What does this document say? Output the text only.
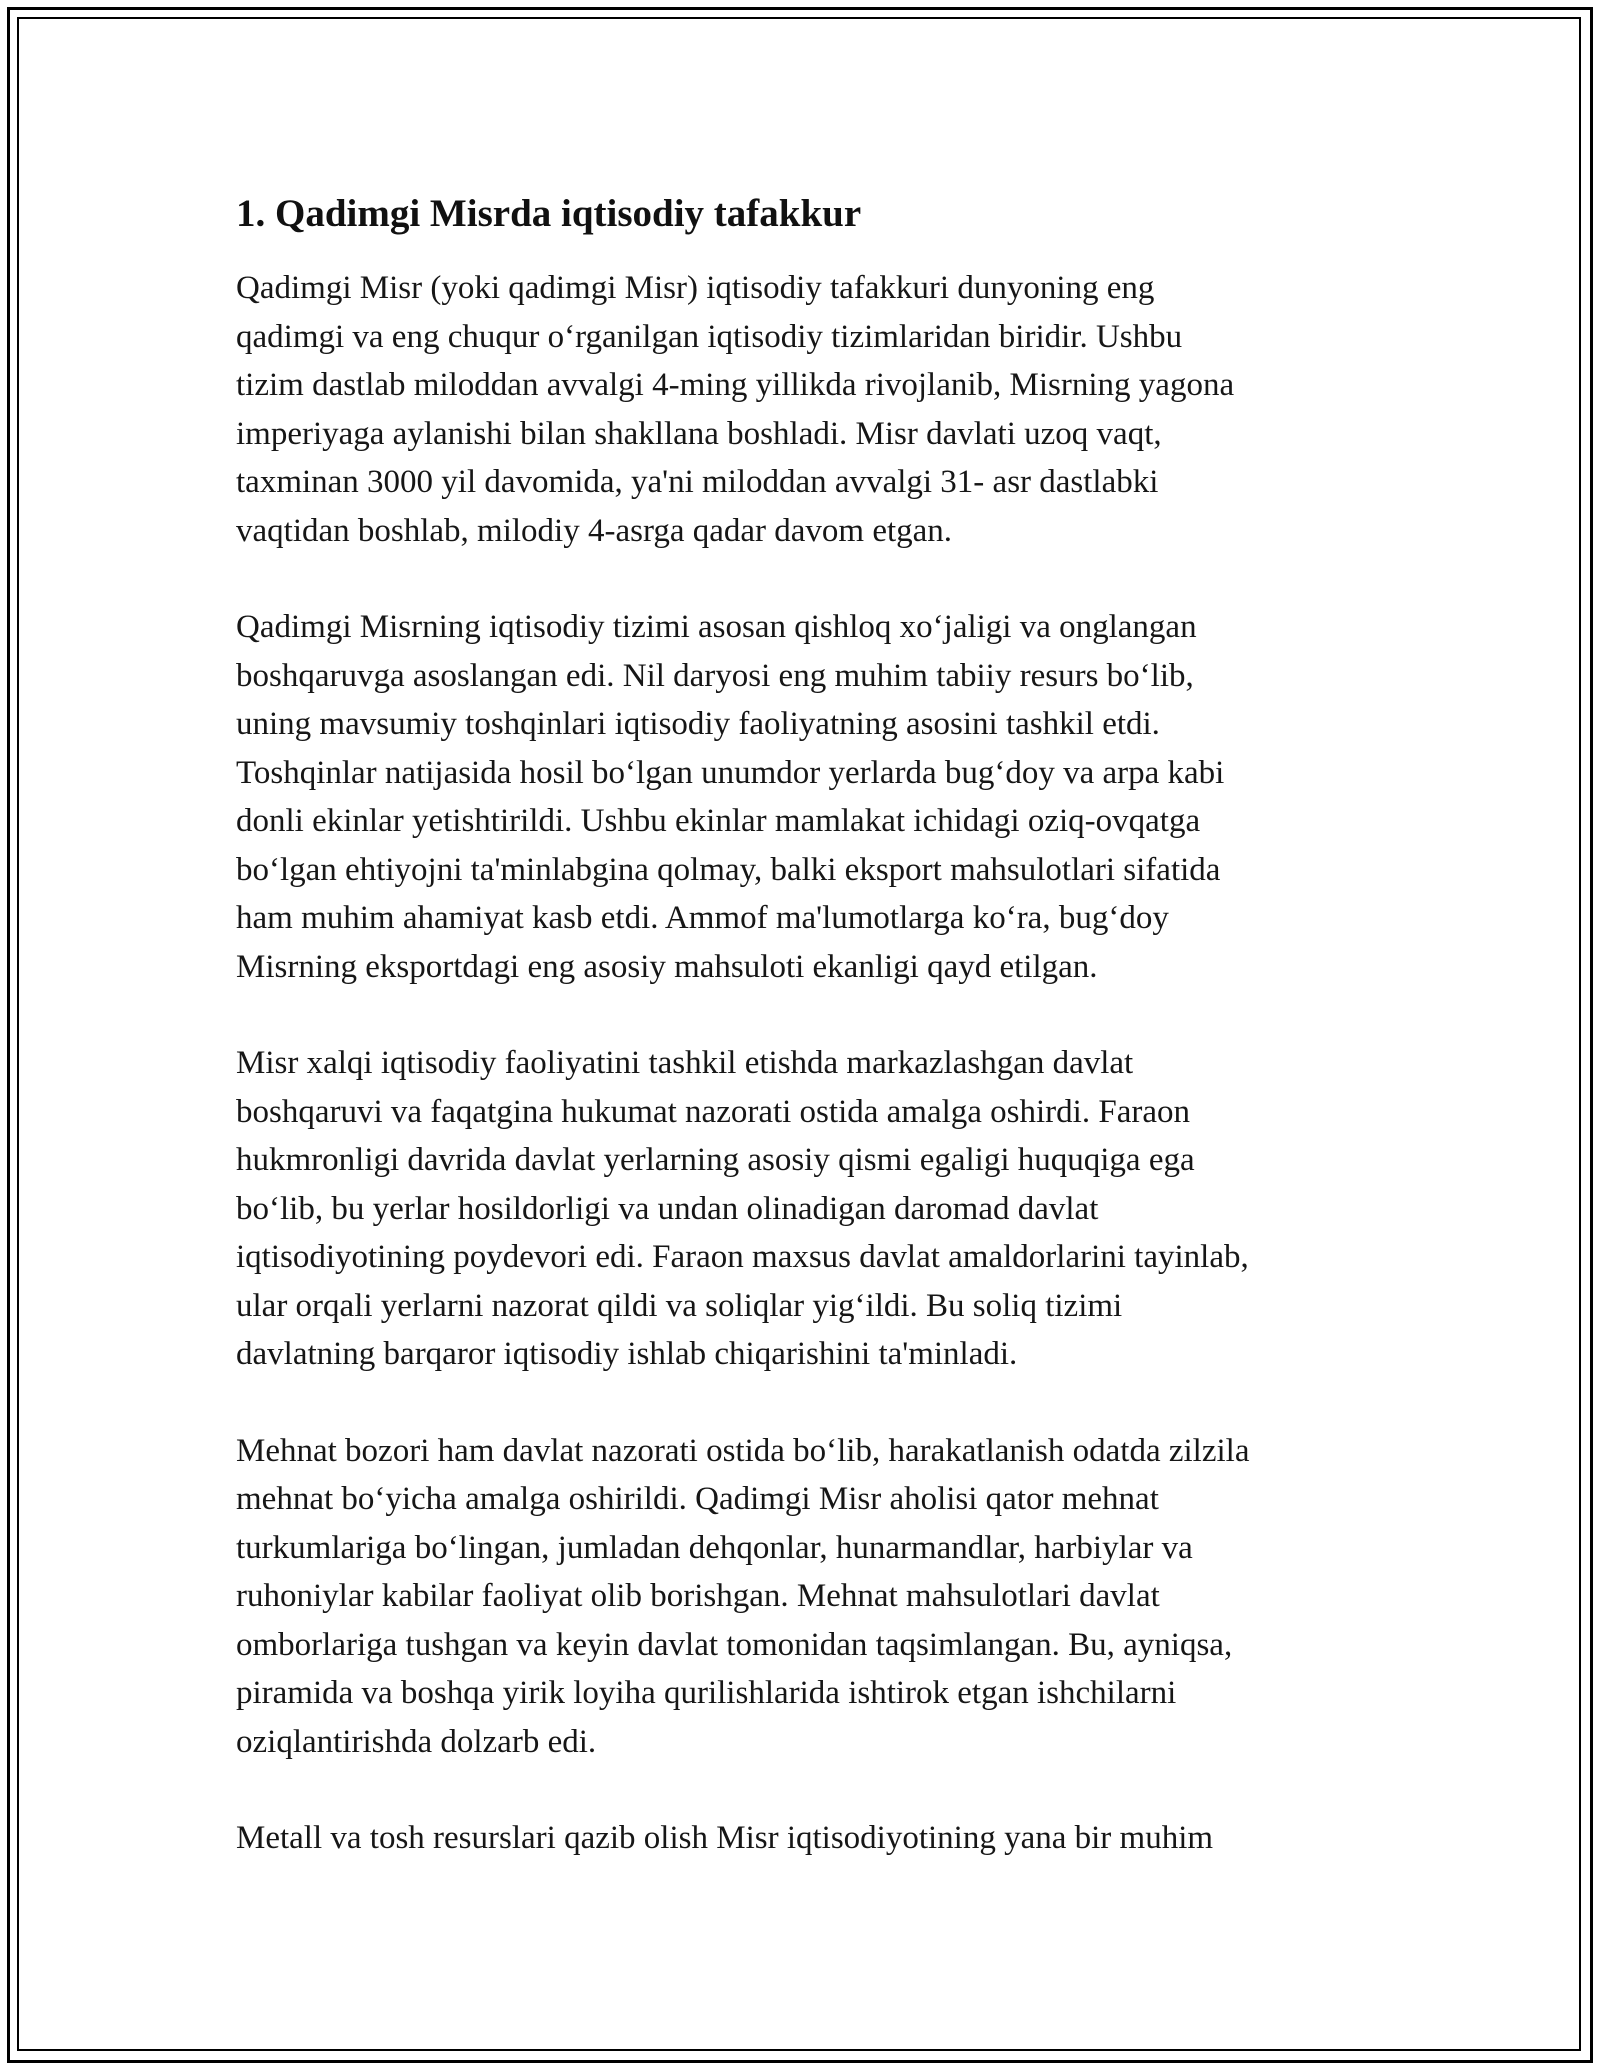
1. Qadimgi Misrda iqtisodiy tafakkur

Qadimgi Misr (yoki qadimgi Misr) iqtisodiy tafakkuri dunyoning eng
qadimgi va eng chuqur o‘rganilgan iqtisodiy tizimlaridan biridir. Ushbu
tizim dastlab miloddan avvalgi 4-ming yillikda rivojlanib, Misrning yagona
imperiyaga aylanishi bilan shakllana boshladi. Misr davlati uzoq vaqt,
taxminan 3000 yil davomida, ya'ni miloddan avvalgi 31- asr dastlabki
vaqtidan boshlab, milodiy 4-asrga qadar davom etgan.

Qadimgi Misrning iqtisodiy tizimi asosan qishloq xo‘jaligi va onglangan
boshqaruvga asoslangan edi. Nil daryosi eng muhim tabiiy resurs bo‘lib,
uning mavsumiy toshqinlari iqtisodiy faoliyatning asosini tashkil etdi.
Toshqinlar natijasida hosil bo‘lgan unumdor yerlarda bug‘doy va arpa kabi
donli ekinlar yetishtirildi. Ushbu ekinlar mamlakat ichidagi oziq-ovqatga
bo‘lgan ehtiyojni ta'minlabgina qolmay, balki eksport mahsulotlari sifatida
ham muhim ahamiyat kasb etdi. Ammof ma'lumotlarga ko‘ra, bug‘doy
Misrning eksportdagi eng asosiy mahsuloti ekanligi qayd etilgan.

Misr xalqi iqtisodiy faoliyatini tashkil etishda markazlashgan davlat
boshqaruvi va faqatgina hukumat nazorati ostida amalga oshirdi. Faraon
hukmronligi davrida davlat yerlarning asosiy qismi egaligi huquqiga ega
bo‘lib, bu yerlar hosildorligi va undan olinadigan daromad davlat
iqtisodiyotining poydevori edi. Faraon maxsus davlat amaldorlarini tayinlab,
ular orqali yerlarni nazorat qildi va soliqlar yig‘ildi. Bu soliq tizimi
davlatning barqaror iqtisodiy ishlab chiqarishini ta'minladi.

Mehnat bozori ham davlat nazorati ostida bo‘lib, harakatlanish odatda zilzila
mehnat bo‘yicha amalga oshirildi. Qadimgi Misr aholisi qator mehnat
turkumlariga bo‘lingan, jumladan dehqonlar, hunarmandlar, harbiylar va
ruhoniylar kabilar faoliyat olib borishgan. Mehnat mahsulotlari davlat
omborlariga tushgan va keyin davlat tomonidan taqsimlangan. Bu, ayniqsa,
piramida va boshqa yirik loyiha qurilishlarida ishtirok etgan ishchilarni
oziqlantirishda dolzarb edi.

Metall va tosh resurslari qazib olish Misr iqtisodiyotining yana bir muhim
